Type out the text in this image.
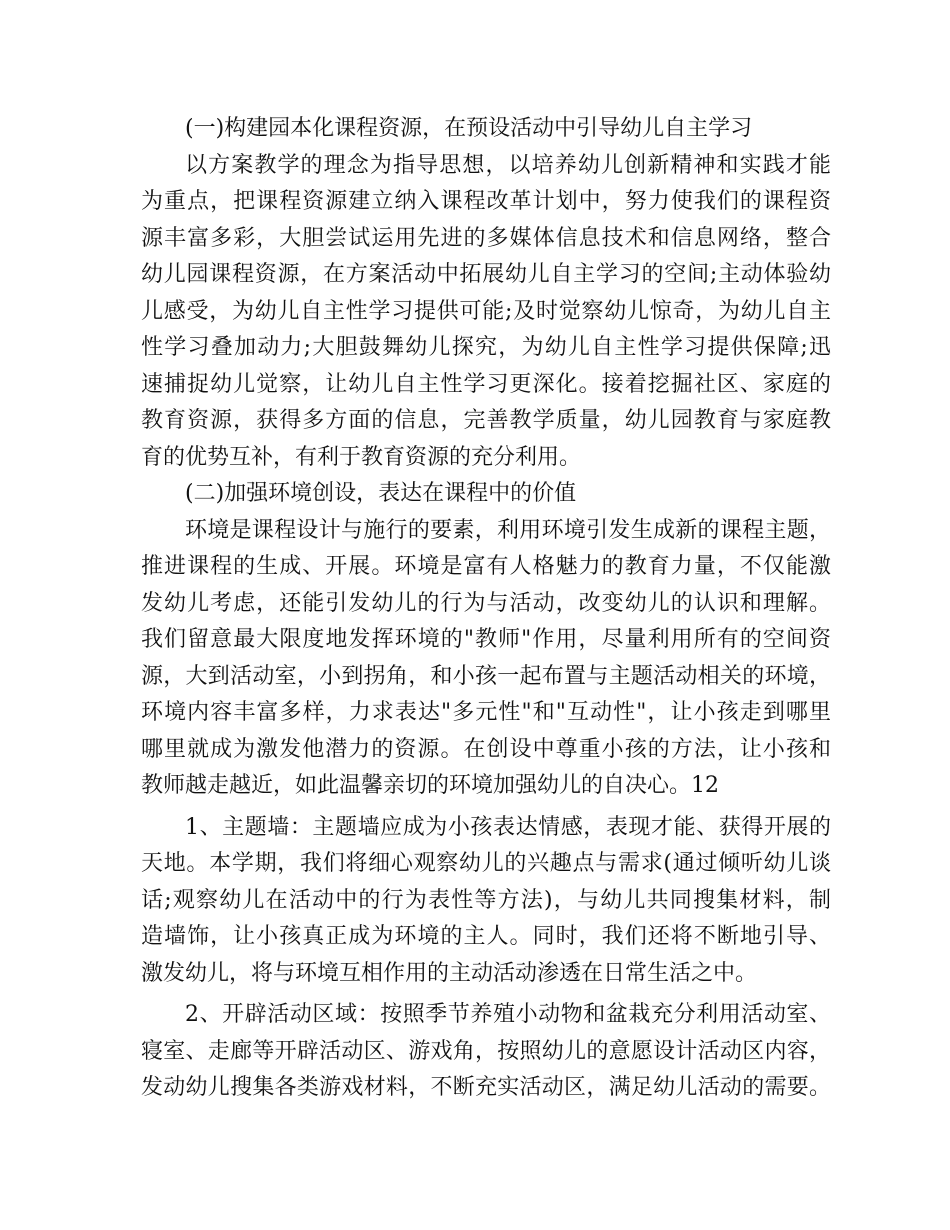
(一)构建园本化课程资源，在预设活动中引导幼儿自主学习

以方案教学的理念为指导思想，以培养幼儿创新精神和实践才能

为重点，把课程资源建立纳入课程改革计划中，努力使我们的课程资

源丰富多彩，大胆尝试运用先进的多媒体信息技术和信息网络，整合

幼儿园课程资源，在方案活动中拓展幼儿自主学习的空间;主动体验幼

儿感受，为幼儿自主性学习提供可能;及时觉察幼儿惊奇，为幼儿自主

性学习叠加动力;大胆鼓舞幼儿探究，为幼儿自主性学习提供保障;迅

速捕捉幼儿觉察，让幼儿自主性学习更深化。接着挖掘社区、家庭的

教育资源，获得多方面的信息，完善教学质量，幼儿园教育与家庭教

育的优势互补，有利于教育资源的充分利用。

(二)加强环境创设，表达在课程中的价值

环境是课程设计与施行的要素，利用环境引发生成新的课程主题，

推进课程的生成、开展。环境是富有人格魅力的教育力量，不仅能激

发幼儿考虑，还能引发幼儿的行为与活动，改变幼儿的认识和理解。

我们留意最大限度地发挥环境的"教师"作用，尽量利用所有的空间资

源，大到活动室，小到拐角，和小孩一起布置与主题活动相关的环境，

环境内容丰富多样，力求表达"多元性"和"互动性"，让小孩走到哪里

哪里就成为激发他潜力的资源。在创设中尊重小孩的方法，让小孩和

教师越走越近，如此温馨亲切的环境加强幼儿的自决心。12

1、主题墙：主题墙应成为小孩表达情感，表现才能、获得开展的

天地。本学期，我们将细心观察幼儿的兴趣点与需求(通过倾听幼儿谈

话;观察幼儿在活动中的行为表性等方法)，与幼儿共同搜集材料，制

造墙饰，让小孩真正成为环境的主人。同时，我们还将不断地引导、

激发幼儿，将与环境互相作用的主动活动渗透在日常生活之中。

2、开辟活动区域：按照季节养殖小动物和盆栽充分利用活动室、

寝室、走廊等开辟活动区、游戏角，按照幼儿的意愿设计活动区内容，

发动幼儿搜集各类游戏材料，不断充实活动区，满足幼儿活动的需要。
